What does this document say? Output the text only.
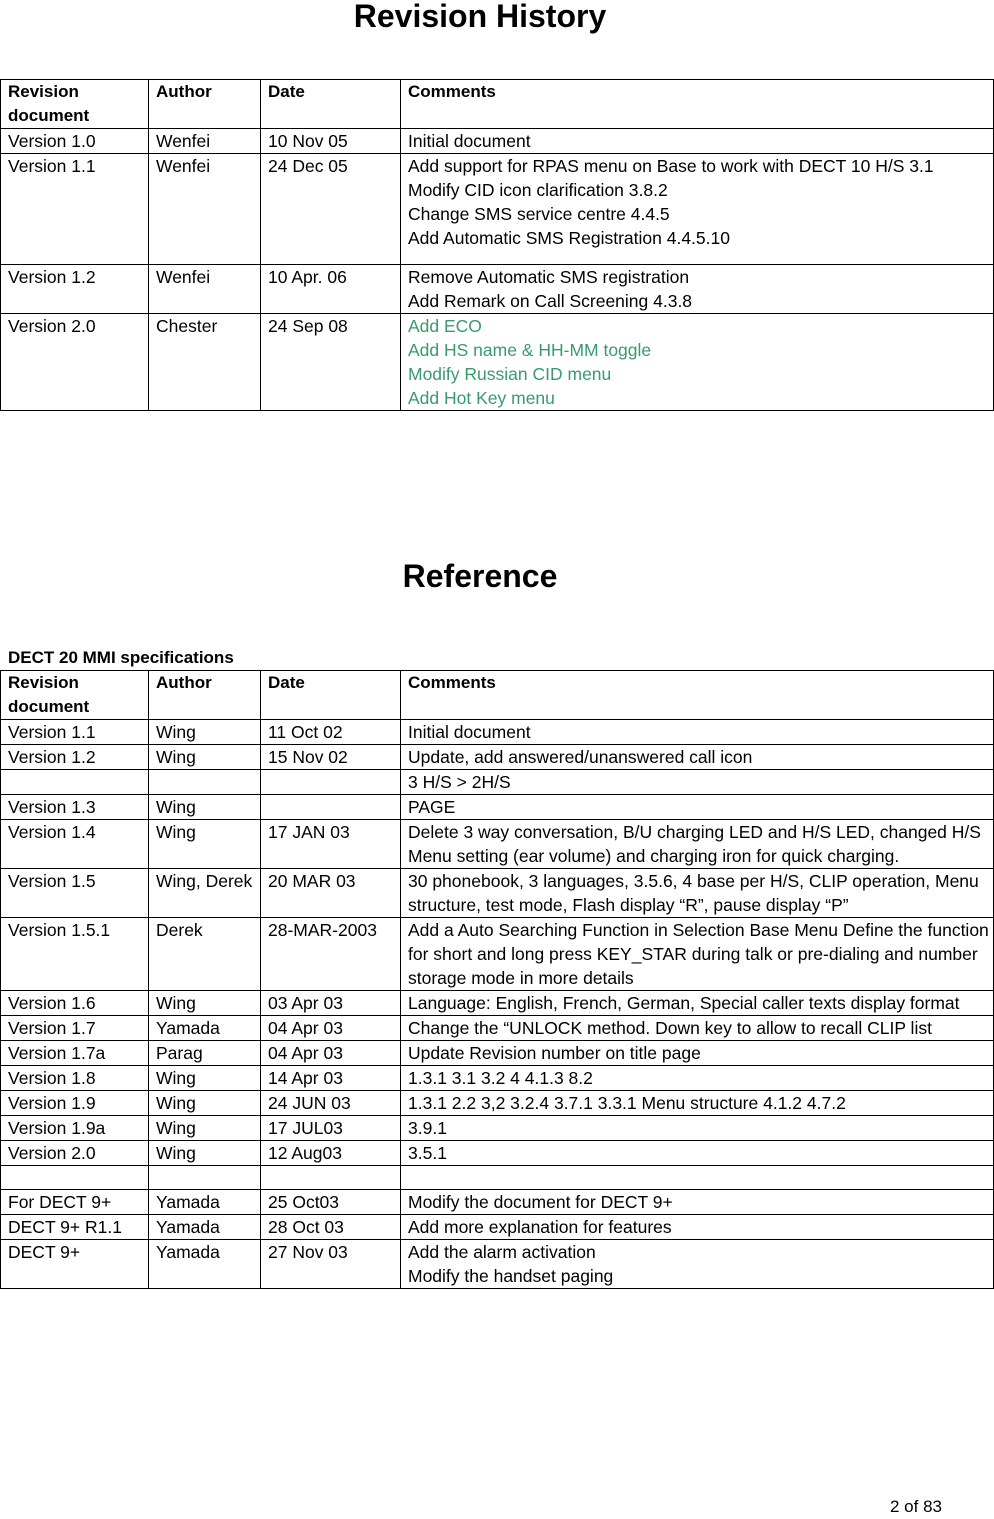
Revision History
Revision document	Author	Date	Comments
Version 1.0	Wenfei	10 Nov 05	Initial document

Version 1.1	Wenfei	24 Dec 05	Add support for RPAS menu on Base to work with DECT 10 H/S 3.1
Modify CID icon clarification 3.8.2
Change SMS service centre 4.4.5
Add Automatic SMS Registration 4.4.5.10

Version 1.2	Wenfei	10 Apr. 06	Remove Automatic SMS registration
Add Remark on Call Screening 4.3.8

Version 2.0	Chester	24 Sep 08	Add ECO
Add HS name & HH-MM toggle
Modify Russian CID menu
Add Hot Key menu
Reference

DECT 20 MMI specifications

Revision document	Author	Date	Comments
Version 1.1	Wing	11 Oct 02	Initial document
Version 1.2	Wing	15 Nov 02	Update, add answered/unanswered call icon
			3 H/S > 2H/S
Version 1.3	Wing		PAGE
Version 1.4	Wing	17 JAN 03	Delete 3 way conversation, B/U charging LED and H/S LED, changed H/S Menu setting (ear volume) and charging iron for quick charging.
Version 1.5	Wing, Derek	20 MAR 03	30 phonebook, 3 languages, 3.5.6, 4 base per H/S, CLIP operation, Menu structure, test mode, Flash display “R”, pause display “P”
Version 1.5.1	Derek	28-MAR-2003	Add a Auto Searching Function in Selection Base Menu Define the function for short and long press KEY_STAR during talk or pre-dialing and number storage mode in more details
Version 1.6	Wing	03 Apr 03	Language: English, French, German, Special caller texts display format
Version 1.7	Yamada	04 Apr 03	Change the “UNLOCK method. Down key to allow to recall CLIP list
Version 1.7a	Parag	04 Apr 03	Update Revision number on title page
Version 1.8	Wing	14 Apr 03	1.3.1 3.1 3.2 4 4.1.3 8.2
Version 1.9	Wing	24 JUN 03	1.3.1 2.2 3,2 3.2.4 3.7.1 3.3.1 Menu structure 4.1.2 4.7.2
Version 1.9a	Wing	17 JUL03	3.9.1
Version 2.0	Wing	12 Aug03	3.5.1

For DECT 9+	Yamada	25 Oct03	Modify the document for DECT 9+
DECT 9+ R1.1	Yamada	28 Oct 03	Add more explanation for features
DECT 9+	Yamada	27 Nov 03	Add the alarm activation
Modify the handset paging
2 of 83
